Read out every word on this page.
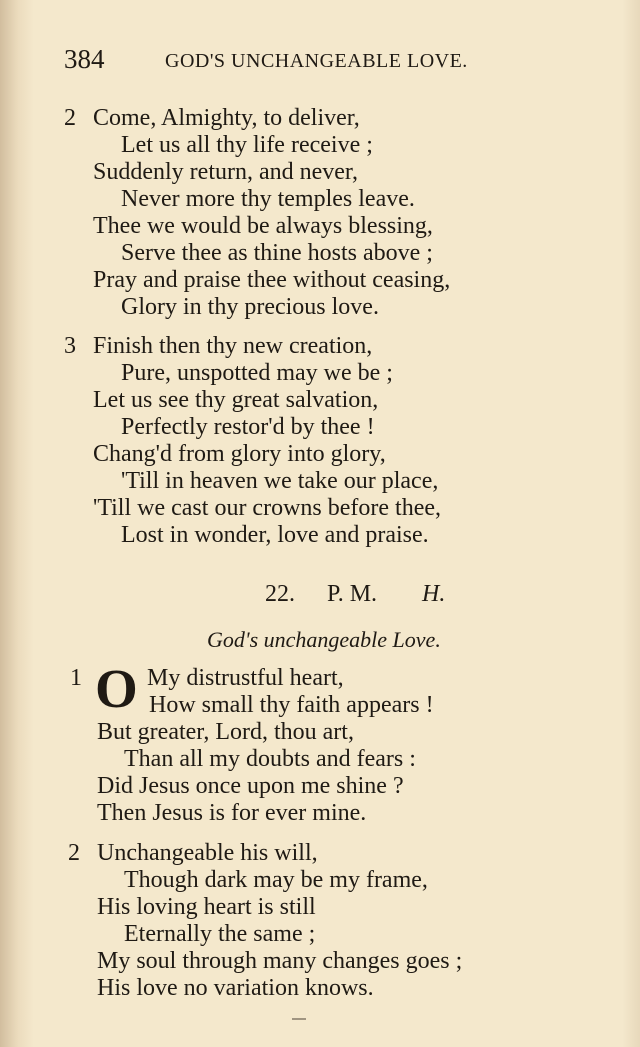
384	GOD'S UNCHANGEABLE LOVE.
2 Come, Almighty, to deliver,
Let us all thy life receive ;
Suddenly return, and never,
Never more thy temples leave.
Thee we would be always blessing,
Serve thee as thine hosts above ;
Pray and praise thee without ceasing,
Glory in thy precious love.
3 Finish then thy new creation,
Pure, unspotted may we be ;
Let us see thy great salvation,
Perfectly restor'd by thee !
Chang'd from glory into glory,
'Till in heaven we take our place,
'Till we cast our crowns before thee,
Lost in wonder, love and praise.
22. P. M. H.
God's unchangeable Love.
1 O My distrustful heart,
How small thy faith appears !
But greater, Lord, thou art,
Than all my doubts and fears :
Did Jesus once upon me shine ?
Then Jesus is for ever mine.
2 Unchangeable his will,
Though dark may be my frame,
His loving heart is still
Eternally the same ;
My soul through many changes goes ;
His love no variation knows.
